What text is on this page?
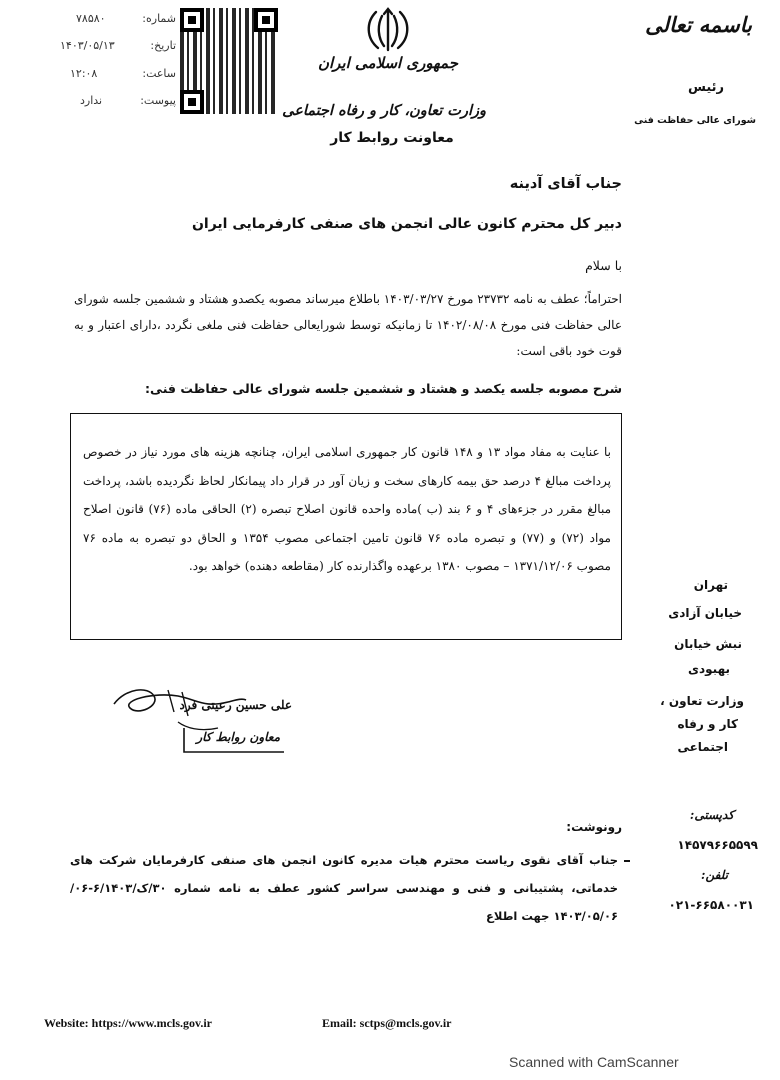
باسمه تعالی
رئیس
شورای عالی حفاظت فنی
جمهوری اسلامی ایران
وزارت تعاون، کار و رفاه اجتماعی
معاونت روابط کار
شماره:
۷۸۵۸۰
تاریخ:
۱۴۰۳/۰۵/۱۳
ساعت:
۱۲:۰۸
پیوست:
ندارد
جناب آقای آدینه
دبیر کل محترم کانون عالی انجمن های صنفی کارفرمایی ایران
با سلام
احتراماً؛ عطف به نامه ۲۳۷۳۲ مورخ ۱۴۰۳/۰۳/۲۷ باطلاع میرساند مصوبه یکصدو هشتاد و ششمین جلسه شورای عالی حفاظت فنی مورخ ۱۴۰۲/۰۸/۰۸ تا زمانیکه توسط شورایعالی حفاظت فنی ملغی نگردد ،دارای اعتبار و به قوت خود باقی است:
شرح مصوبه جلسه یکصد و هشتاد و ششمین جلسه شورای عالی حفاظت فنی:
با عنایت به مفاد مواد ۱۳ و ۱۴۸ قانون کار جمهوری اسلامی ایران، چنانچه هزینه های مورد نیاز در خصوص پرداخت مبالغ ۴ درصد حق بیمه کارهای سخت و زیان آور در قرار داد پیمانکار لحاظ نگردیده باشد، پرداخت مبالغ مقرر در جزءهای ۴ و ۶ بند (ب )ماده واحده قانون اصلاح تبصره (۲) الحاقی ماده (۷۶) قانون اصلاح مواد (۷۲) و (۷۷) و تبصره ماده ۷۶ قانون تامین اجتماعی مصوب ۱۳۵۴ و الحاق دو تبصره به ماده ۷۶ مصوب ۱۳۷۱/۱۲/۰۶ – مصوب ۱۳۸۰ برعهده واگذارنده کار (مقاطعه دهنده) خواهد بود.
علی حسین رعیتی فرد
معاون روابط کار
رونوشت:
جناب آقای نقوی ریاست محترم هیات مدیره کانون انجمن های صنفی کارفرمایان شرکت های خدماتی، پشتیبانی و فنی و مهندسی سراسر کشور عطف به نامه شماره ۳۰/ک/۶/۱۴۰۳-۰۶/ ۱۴۰۳/۰۵/۰۶ جهت اطلاع
تهران
خیابان آزادی
نبش خیابان
بهبودی
وزارت تعاون ،
کار و رفاه
اجتماعی
کدپستی:
۱۴۵۷۹۶۶۵۵۹۹
تلفن:
۰۲۱-۶۶۵۸۰۰۳۱
Website: https://www.mcls.gov.ir	Email: sctps@mcls.gov.ir
Scanned with CamScanner
